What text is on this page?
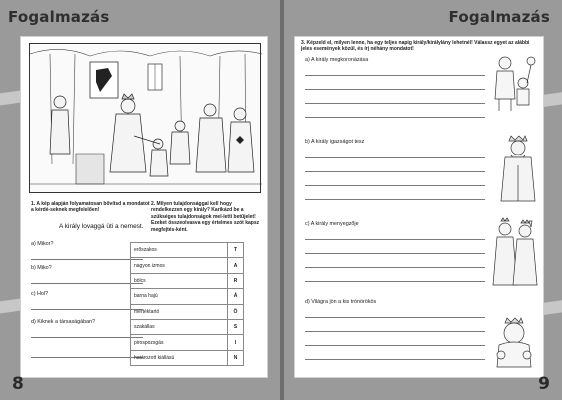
Fogalmazás
1. A kép alapján folyamatosan bővítsd a mondatot a kérdé-seknek megfelelően!
A király lovaggá üti a nemest.
a) Mikor?
b) Miko?
c) Hol?
d) Kiknek a társaságában?
2. Milyen tulajdonsággal kell hogy rendelkezzen egy király? Karikázd be a szükséges tulajdonságok mel-letti betűjelet! Ezeket összeolvasva egy értelmes szót kapsz megfejtés-ként.
erőszakos	T
nagyon izmos	A
bölcs	R
barna hajú	Á
mértéktartó	Ö
szakállas	S
pirospozsgás	I
határozott kiállású	N
8
Fogalmazás
3. Képzeld el, milyen lenne, ha egy teljes napig király/királylány lehetnél! Válassz egyet az alábbi jeles események közül, és írj néhány mondatot!
a) A király megkoronázása
b) A király igazságot tesz
c) A király menyegzője
d) Világra jön a kis trónörökös
9
